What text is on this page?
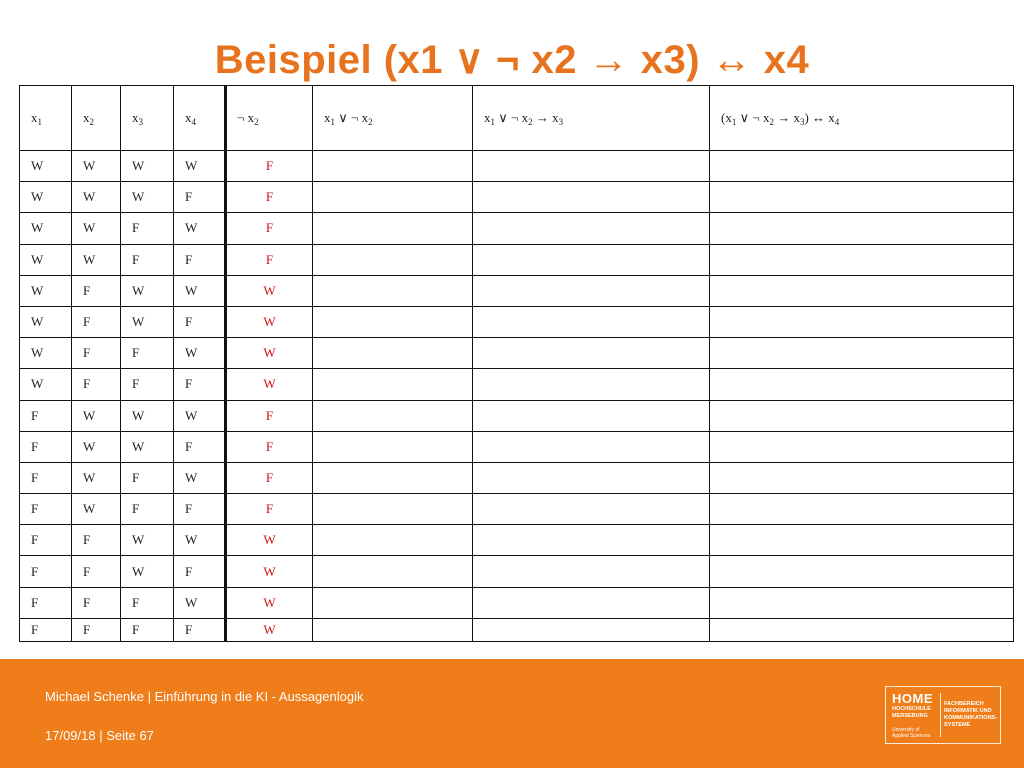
Beispiel (x1 ∨ ¬ x2 → x3) ↔ x4
$x_1$	$x_2$	$x_3$	$x_4$	¬ $x_2$	$x_1$ ∨ ¬ $x_2$	$x_1$ ∨ ¬ $x_2 \to x_3$	($x_1$ ∨ ¬ $x_2 \to x_3$) ↔ $x_4$
W	W	W	W	F			
W	W	W	F	F			
W	W	F	W	F			
W	W	F	F	F			
W	F	W	W	W			
W	F	W	F	W			
W	F	F	W	W			
W	F	F	F	W			
F	W	W	W	F			
F	W	W	F	F			
F	W	F	W	F			
F	W	F	F	F			
F	F	W	W	W			
F	F	W	F	W			
F	F	F	W	W			
F	F	F	F	W			
Michael Schenke | Einführung in die KI - Aussagenlogik
17/09/18 | Seite 67
HOME
HOCHSCHULE
MERSEBURG
University of
Applied Sciences
FACHBEREICH
INFORMATIK UND
KOMMUNIKATIONS-
SYSTEME
